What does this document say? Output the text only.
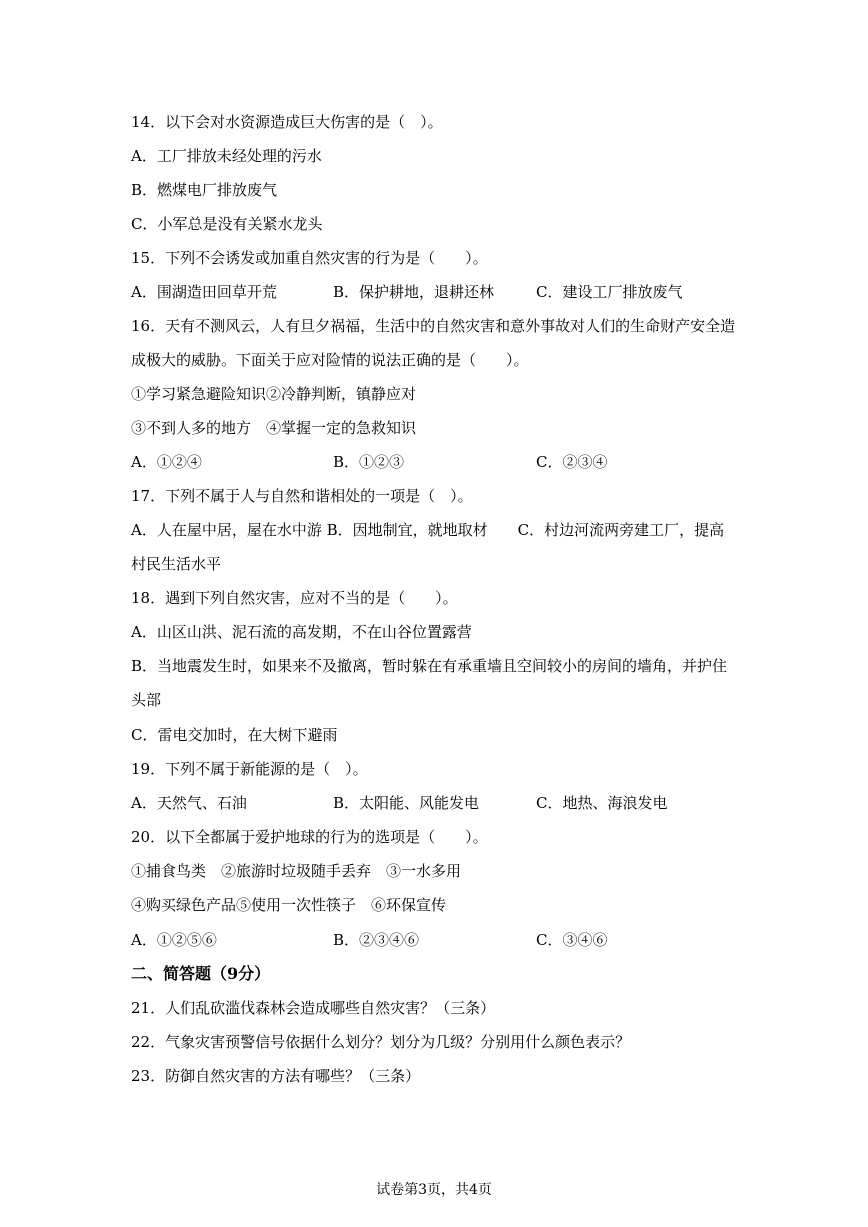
14．以下会对水资源造成巨大伤害的是（　）。
A．工厂排放未经处理的污水
B．燃煤电厂排放废气
C．小军总是没有关紧水龙头
15．下列不会诱发或加重自然灾害的行为是（　　）。
A．围湖造田回草开荒	B．保护耕地，退耕还林	C．建设工厂排放废气
16．天有不测风云，人有旦夕祸福，生活中的自然灾害和意外事故对人们的生命财产安全造
成极大的威胁。下面关于应对险情的说法正确的是（　　）。
①学习紧急避险知识②冷静判断，镇静应对
③不到人多的地方　④掌握一定的急救知识
A．①②④	B．①②③	C．②③④
17．下列不属于人与自然和谐相处的一项是（　）。
A．人在屋中居，屋在水中游 B．因地制宜，就地取材　　C．村边河流两旁建工厂，提高
村民生活水平
18．遇到下列自然灾害，应对不当的是（　　）。
A．山区山洪、泥石流的高发期，不在山谷位置露营
B．当地震发生时，如果来不及撤离，暂时躲在有承重墙且空间较小的房间的墙角，并护住
头部
C．雷电交加时，在大树下避雨
19．下列不属于新能源的是（　）。
A．天然气、石油	B．太阳能、风能发电	C．地热、海浪发电
20．以下全都属于爱护地球的行为的选项是（　　）。
①捕食鸟类　②旅游时垃圾随手丢弃　③一水多用
④购买绿色产品⑤使用一次性筷子　⑥环保宣传
A．①②⑤⑥	B．②③④⑥	C．③④⑥
二、简答题（9分）
21．人们乱砍滥伐森林会造成哪些自然灾害？（三条）
22．气象灾害预警信号依据什么划分？划分为几级？分别用什么颜色表示？
23．防御自然灾害的方法有哪些？（三条）
试卷第3页，共4页
